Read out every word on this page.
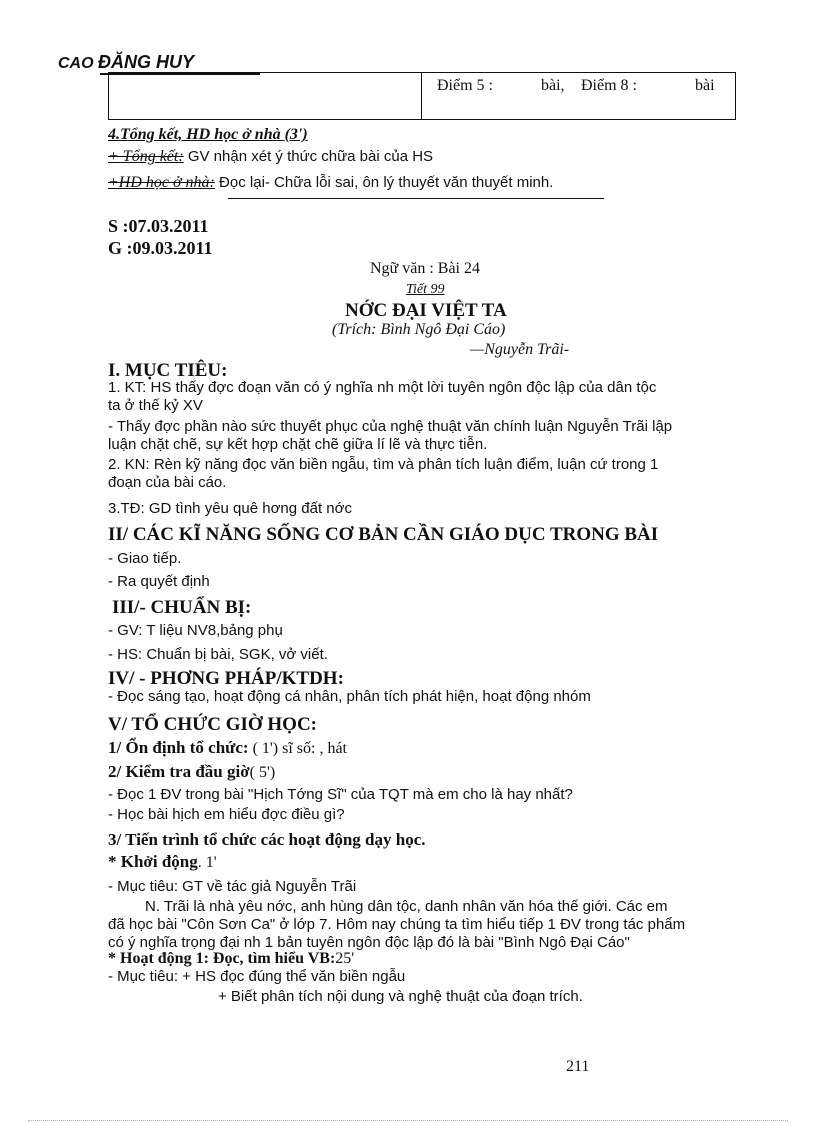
CAO ĐĂNG HUY
Điểm 5 :	bài, Điểm 8 :	bài
4.Tổng kết, HD học ở nhà (3')
+ Tổng kết: GV nhận xét ý thức chữa bài của HS
+HD học ở nhà: Đọc lại- Chữa lỗi sai, ôn lý thuyết văn thuyết minh.
S :07.03.2011
G :09.03.2011
Ngữ văn : Bài 24
Tiết 99
NỚC ĐẠI VIỆT TA
(Trích: Bình Ngô Đại Cáo)
—Nguyễn Trãi-
I. MỤC TIÊU:
1. KT: HS thấy đợc đoạn văn có ý nghĩa nh một lời tuyên ngôn độc lập của dân tộc
ta ở thế kỷ XV
- Thấy đợc phần nào sức thuyết phục của nghệ thuật văn chính luận Nguyễn Trãi lập
luận chặt chẽ, sự kết hợp chặt chẽ giữa lí lẽ và thực tiễn.
2. KN: Rèn kỹ năng đọc văn biền ngẫu, tìm và phân tích luận điểm, luận cứ trong 1
đoạn của bài cáo.
3.TĐ: GD tình yêu quê hơng đất nớc
II/ CÁC KĨ NĂNG SỐNG CƠ BẢN CẦN GIÁO DỤC TRONG BÀI
- Giao tiếp.
- Ra quyết định
III/- CHUẨN BỊ:
- GV: T liệu NV8,bảng phụ
- HS: Chuẩn bị bài, SGK, vở viết.
IV/ - PHƠNG PHÁP/KTDH:
- Đọc sáng tạo, hoạt động cá nhân, phân tích phát hiện, hoạt động nhóm
V/ TỔ CHỨC GIỜ HỌC:
1/ Ổn định tổ chức: ( 1') sĩ số: , hát
2/ Kiểm tra đầu giờ( 5')
- Đọc 1 ĐV trong bài "Hịch Tớng Sĩ" của TQT mà em cho là hay nhất?
- Học bài hịch em hiểu đợc điều gì?
3/ Tiến trình tổ chức các hoạt động dạy học.
* Khởi động. 1'
- Mục tiêu: GT về tác giả Nguyễn Trãi
N. Trãi là nhà yêu nớc, anh hùng dân tộc, danh nhân văn hóa thế giới. Các em
đã học bài "Côn Sơn Ca" ở lớp 7. Hôm nay chúng ta tìm hiểu tiếp 1 ĐV trong tác phẩm
có ý nghĩa trọng đại nh 1 bản tuyên ngôn độc lập đó là bài "Bình Ngô Đại Cáo"
* Hoạt động 1: Đọc, tìm hiểu VB:25'
- Mục tiêu: + HS đọc đúng thể văn biền ngẫu
+ Biết phân tích nội dung và nghệ thuật của đoạn trích.
211
